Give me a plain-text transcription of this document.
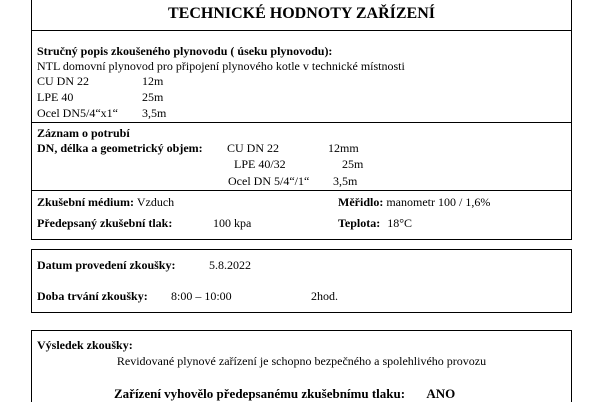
TECHNICKÉ HODNOTY ZAŘÍZENÍ
Stručný popis zkoušeného plynovodu ( úseku plynovodu):
NTL domovní plynovod pro připojení plynového kotle v technické místnosti
CU DN 22	12m
LPE 40	25m
Ocel DN5/4“x1“ 3,5m
Záznam o potrubí
DN, délka a geometrický objem: CU DN 22	12mm
LPE 40/32	25m
Ocel DN 5/4“/1“ 3,5m
Zkušební médium: Vzduch	Měřidlo: manometr 100 / 1,6%
Předepsaný zkušební tlak:	100 kpa	Teplota: 18°C
Datum provedení zkoušky:	5.8.2022
Doba trvání zkoušky: 8:00 – 10:00	2hod.
Výsledek zkoušky:
Revidované plynové zařízení je schopno bezpečného a spolehlivého provozu
Zařízení vyhovělo předepsanému zkušebnímu tlaku: ANO
